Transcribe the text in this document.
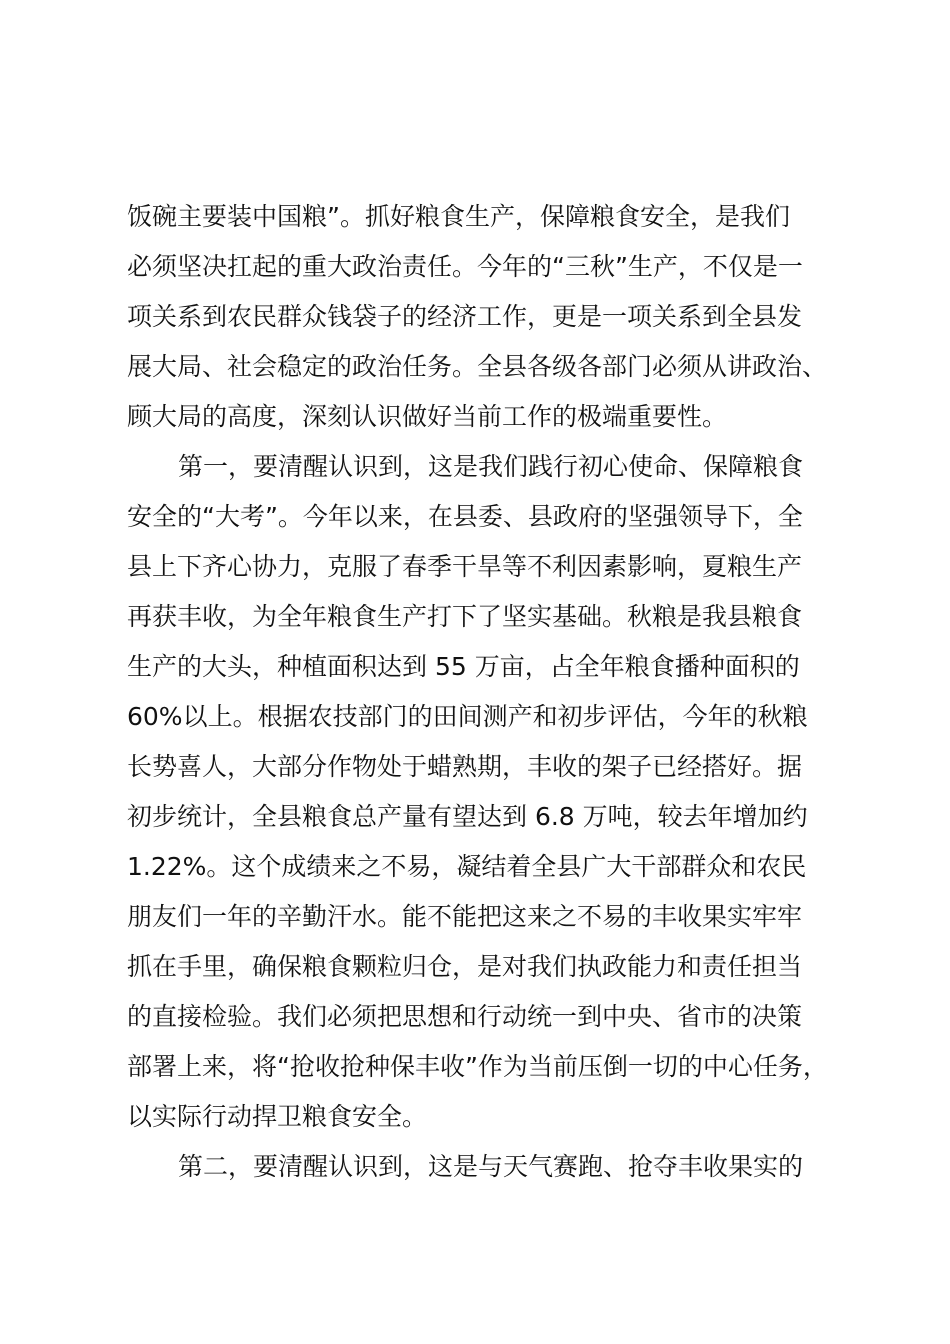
饭碗主要装中国粮”。抓好粮食生产，保障粮食安全，是我们
必须坚决扛起的重大政治责任。今年的“三秋”生产，不仅是一
项关系到农民群众钱袋子的经济工作，更是一项关系到全县发
展大局、社会稳定的政治任务。全县各级各部门必须从讲政治、
顾大局的高度，深刻认识做好当前工作的极端重要性。
第一，要清醒认识到，这是我们践行初心使命、保障粮食
安全的“大考”。今年以来，在县委、县政府的坚强领导下，全
县上下齐心协力，克服了春季干旱等不利因素影响，夏粮生产
再获丰收，为全年粮食生产打下了坚实基础。秋粮是我县粮食
生产的大头，种植面积达到 55 万亩，占全年粮食播种面积的
60%以上。根据农技部门的田间测产和初步评估，今年的秋粮
长势喜人，大部分作物处于蜡熟期，丰收的架子已经搭好。据
初步统计，全县粮食总产量有望达到 6.8 万吨，较去年增加约
1.22%。这个成绩来之不易，凝结着全县广大干部群众和农民
朋友们一年的辛勤汗水。能不能把这来之不易的丰收果实牢牢
抓在手里，确保粮食颗粒归仓，是对我们执政能力和责任担当
的直接检验。我们必须把思想和行动统一到中央、省市的决策
部署上来，将“抢收抢种保丰收”作为当前压倒一切的中心任务，
以实际行动捍卫粮食安全。
第二，要清醒认识到，这是与天气赛跑、抢夺丰收果实的
